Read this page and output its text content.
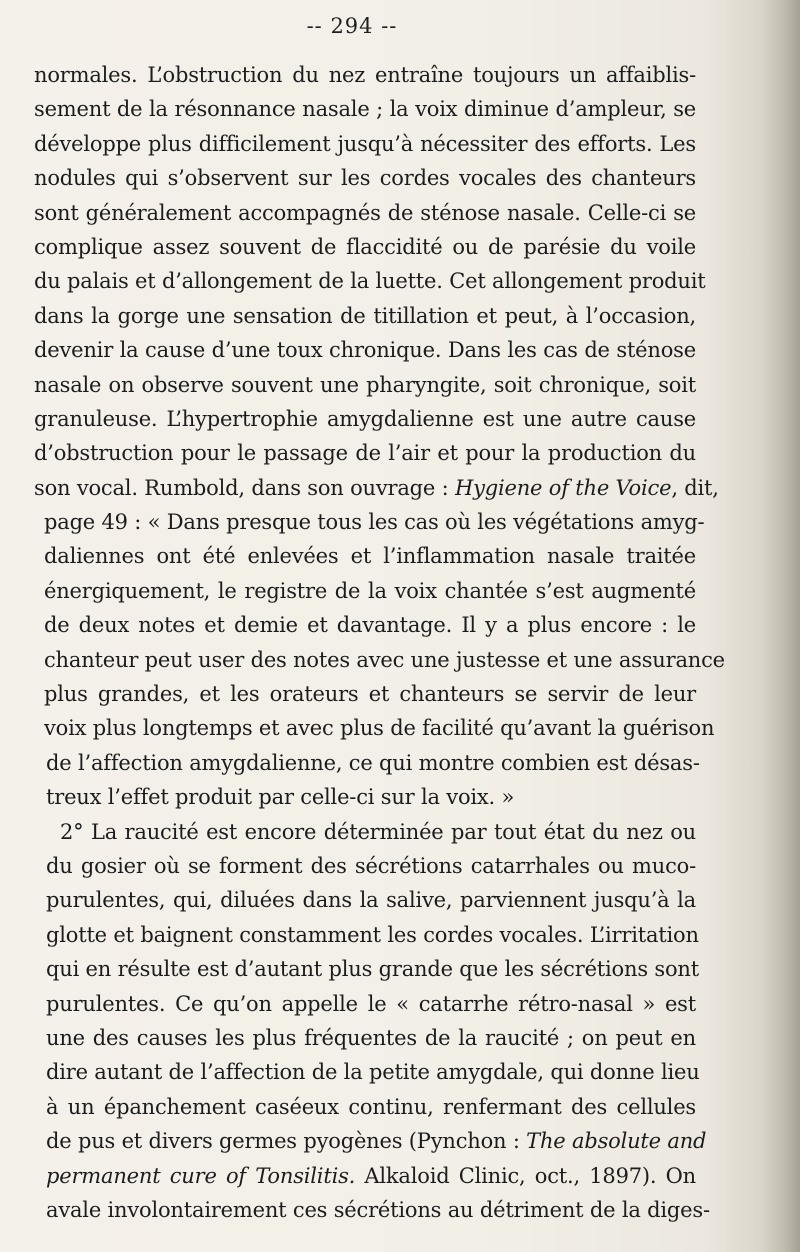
-- 294 --
normales. L’obstruction du nez entraîne toujours un affaiblis-
sement de la résonnance nasale ; la voix diminue d’ampleur, se
développe plus difficilement jusqu’à nécessiter des efforts. Les
nodules qui s’observent sur les cordes vocales des chanteurs
sont généralement accompagnés de sténose nasale. Celle-ci se
complique assez souvent de flaccidité ou de parésie du voile
du palais et d’allongement de la luette. Cet allongement produit
dans la gorge une sensation de titillation et peut, à l’occasion,
devenir la cause d’une toux chronique. Dans les cas de sténose
nasale on observe souvent une pharyngite, soit chronique, soit
granuleuse. L’hypertrophie amygdalienne est une autre cause
d’obstruction pour le passage de l’air et pour la production du
son vocal. Rumbold, dans son ouvrage : Hygiene of the Voice, dit,
page 49 : « Dans presque tous les cas où les végétations amyg-
daliennes ont été enlevées et l’inflammation nasale traitée
énergiquement, le registre de la voix chantée s’est augmenté
de deux notes et demie et davantage. Il y a plus encore : le
chanteur peut user des notes avec une justesse et une assurance
plus grandes, et les orateurs et chanteurs se servir de leur
voix plus longtemps et avec plus de facilité qu’avant la guérison
de l’affection amygdalienne, ce qui montre combien est désas-
treux l’effet produit par celle-ci sur la voix. »
2° La raucité est encore déterminée par tout état du nez ou
du gosier où se forment des sécrétions catarrhales ou muco-
purulentes, qui, diluées dans la salive, parviennent jusqu’à la
glotte et baignent constamment les cordes vocales. L’irritation
qui en résulte est d’autant plus grande que les sécrétions sont
purulentes. Ce qu’on appelle le « catarrhe rétro-nasal » est
une des causes les plus fréquentes de la raucité ; on peut en
dire autant de l’affection de la petite amygdale, qui donne lieu
à un épanchement caséeux continu, renfermant des cellules
de pus et divers germes pyogènes (Pynchon : The absolute and
permanent cure of Tonsilitis. Alkaloid Clinic, oct., 1897). On
avale involontairement ces sécrétions au détriment de la diges-
